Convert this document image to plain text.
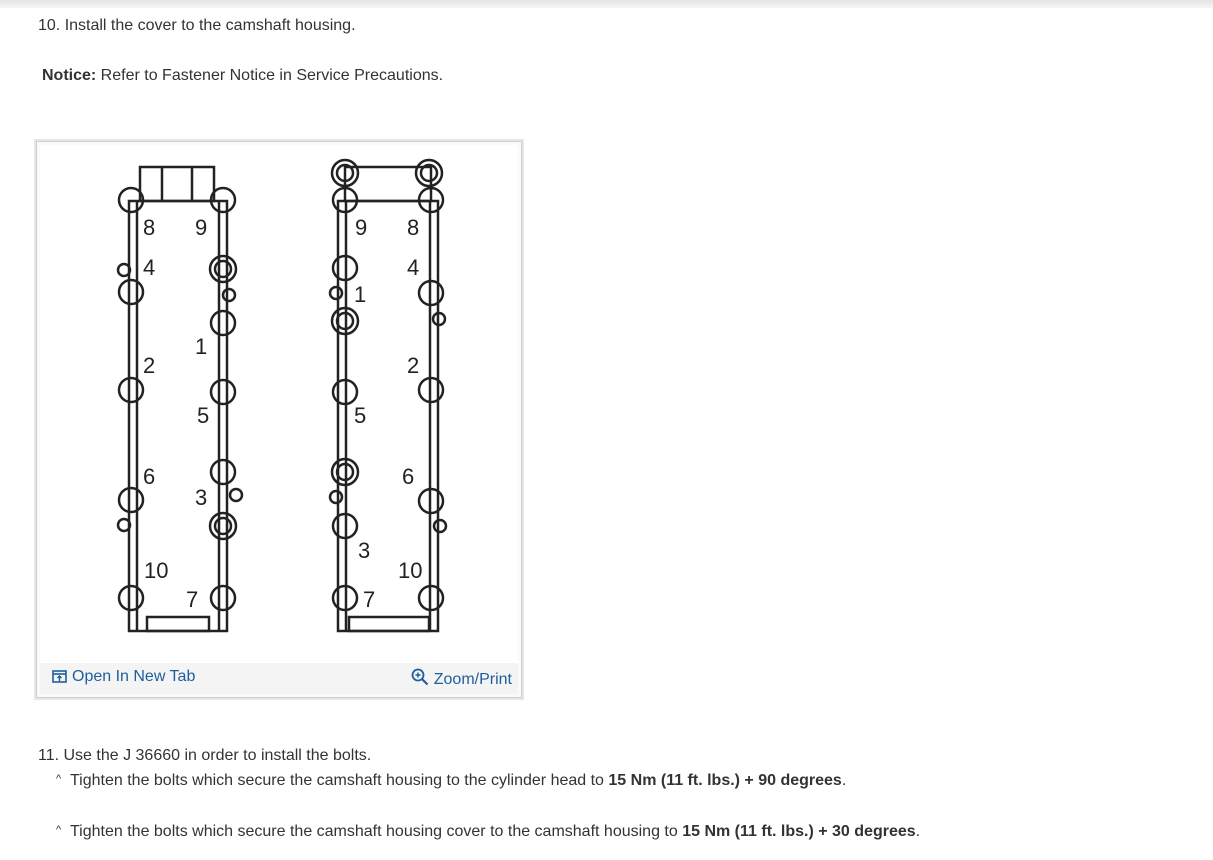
10. Install the cover to the camshaft housing.
Notice: Refer to Fastener Notice in Service Precautions.
8 9
4
1
2
5
6
3
10
7
9 8
4
1
2
5
6
3
10
7
Open In New Tab	Zoom/Print
11. Use the J 36660 in order to install the bolts.
^ Tighten the bolts which secure the camshaft housing to the cylinder head to 15 Nm (11 ft. lbs.) + 90 degrees.
^ Tighten the bolts which secure the camshaft housing cover to the camshaft housing to 15 Nm (11 ft. lbs.) + 30 degrees.
